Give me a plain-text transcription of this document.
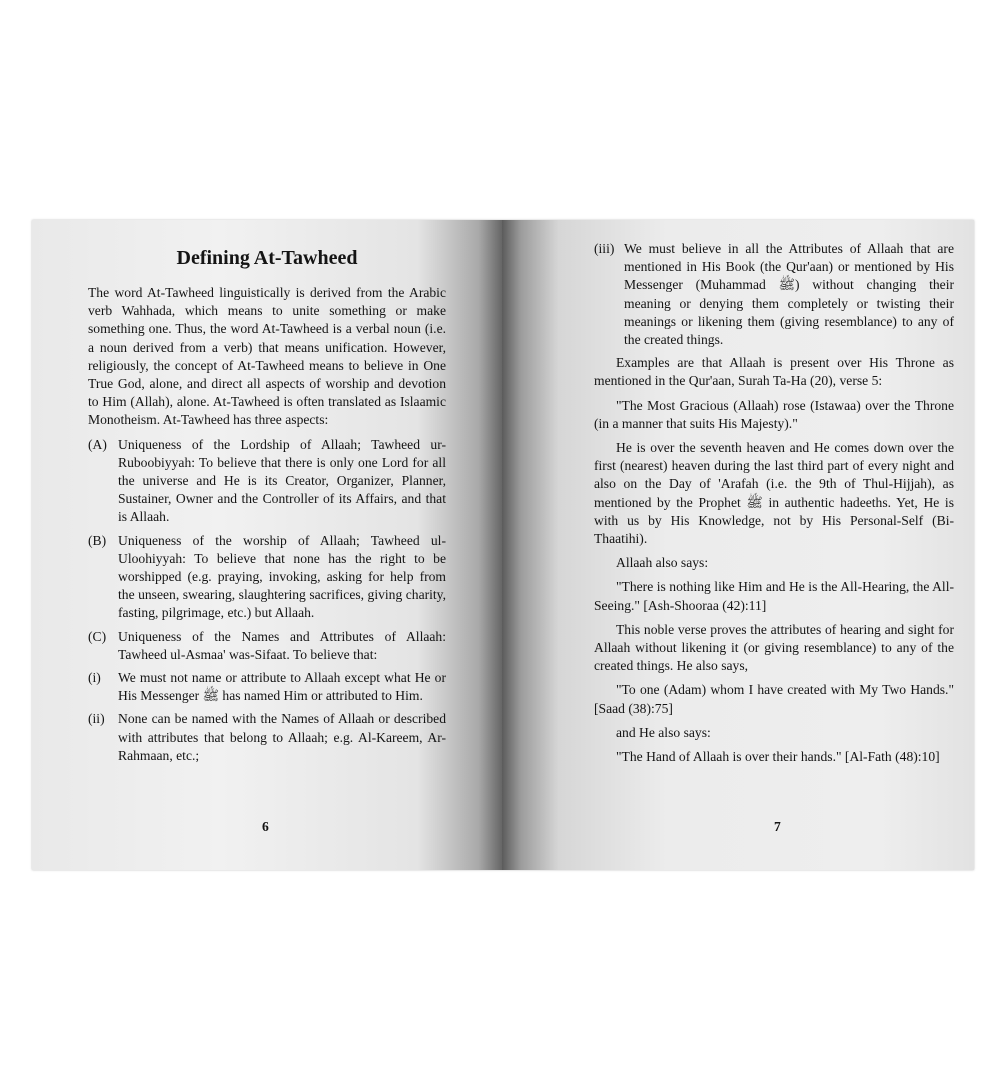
Defining At-Tawheed

The word At-Tawheed linguistically is derived from the Arabic verb Wahhada, which means to unite something or make something one. Thus, the word At-Tawheed is a verbal noun (i.e. a noun derived from a verb) that means unification. However, religiously, the concept of At-Tawheed means to believe in One True God, alone, and direct all aspects of worship and devotion to Him (Allah), alone. At-Tawheed is often translated as Islaamic Monotheism. At-Tawheed has three aspects:

(A) Uniqueness of the Lordship of Allaah; Tawheed ur-Ruboobiyyah: To believe that there is only one Lord for all the universe and He is its Creator, Organizer, Planner, Sustainer, Owner and the Controller of its Affairs, and that is Allaah.
(B) Uniqueness of the worship of Allaah; Tawheed ul-Uloohiyyah: To believe that none has the right to be worshipped (e.g. praying, invoking, asking for help from the unseen, swearing, slaughtering sacrifices, giving charity, fasting, pilgrimage, etc.) but Allaah.
(C) Uniqueness of the Names and Attributes of Allaah: Tawheed ul-Asmaa' was-Sifaat. To believe that:
(i)	We must not name or attribute to Allaah except what He or His Messenger ﷺ has named Him or attributed to Him.
(ii) None can be named with the Names of Allaah or described with attributes that belong to Allaah; e.g. Al-Kareem, Ar-Rahmaan, etc.;
6
(iii) We must believe in all the Attributes of Allaah that are mentioned in His Book (the Qur'aan) or mentioned by His Messenger (Muhammad ﷺ) without changing their meaning or denying them completely or twisting their meanings or likening them (giving resemblance) to any of the created things.

Examples are that Allaah is present over His Throne as mentioned in the Qur'aan, Surah Ta-Ha (20), verse 5:

"The Most Gracious (Allaah) rose (Istawaa) over the Throne (in a manner that suits His Majesty)."

He is over the seventh heaven and He comes down over the first (nearest) heaven during the last third part of every night and also on the Day of 'Arafah (i.e. the 9th of Thul-Hijjah), as mentioned by the Prophet ﷺ in authentic hadeeths. Yet, He is with us by His Knowledge, not by His Personal-Self (Bi-Thaatihi).

Allaah also says:

"There is nothing like Him and He is the All-Hearing, the All-Seeing." [Ash-Shooraa (42):11]

This noble verse proves the attributes of hearing and sight for Allaah without likening it (or giving resemblance) to any of the created things. He also says,

"To one (Adam) whom I have created with My Two Hands." [Saad (38):75]

and He also says:

"The Hand of Allaah is over their hands." [Al-Fath (48):10]

7
